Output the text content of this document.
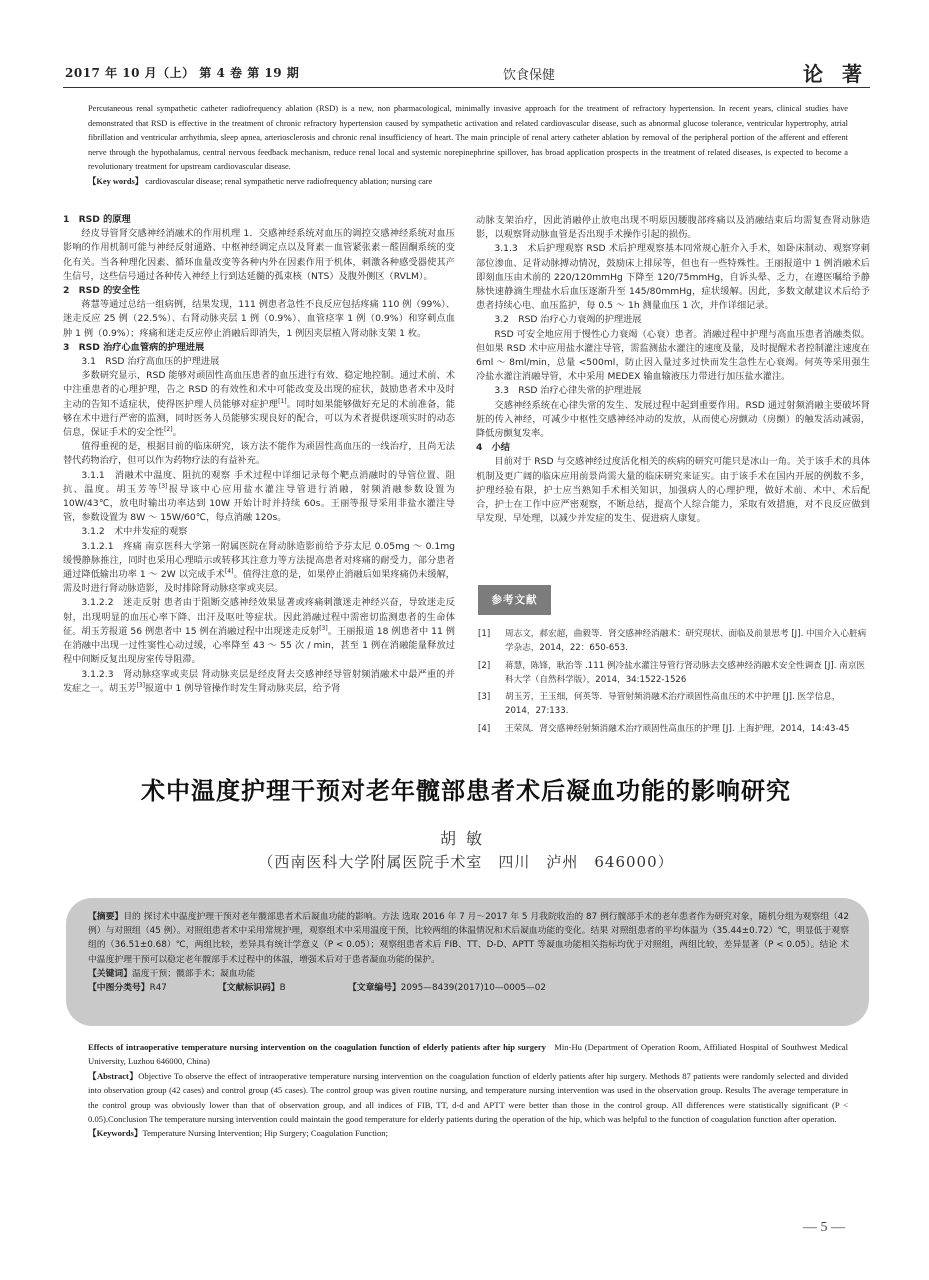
2017 年 10 月（上） 第 4 卷 第 19 期	饮食保健	论 著
Percutaneous renal sympathetic catheter radiofrequency ablation (RSD) is a new, non pharmacological, minimally invasive approach for the treatment of refractory hypertension. In recent years, clinical studies have demonstrated that RSD is effective in the treatment of chronic refractory hypertension caused by sympathetic activation and related cardiovascular disease, such as abnormal glucose tolerance, ventricular hypertrophy, atrial fibrillation and ventricular arrhythmia, sleep apnea, arteriosclerosis and chronic renal insufficiency of heart. The main principle of renal artery catheter ablation by removal of the peripheral portion of the afferent and efferent nerve through the hypothalamus, central nervous feedback mechanism, reduce renal local and systemic norepinephrine spillover, has broad application prospects in the treatment of related diseases, is expected to become a revolutionary treatment for upstream cardiovascular disease.
【Key words】 cardiovascular disease; renal sympathetic nerve radiofrequency ablation; nursing care
1　RSD 的原理

经皮导管肾交感神经消融术的作用机理 1．交感神经系统对血压的调控交感神经系统对血压影响的作用机制可能与神经反射通路、中枢神经调定点以及肾素－血管紧张素－醛固酮系统的变化有关。当各种理化因素、循环血量改变等各种内外在因素作用于机体，刺激各种感受器使其产生信号，这些信号通过各种传入神经上行到达延髓的孤束核（NTS）及腹外侧区（RVLM）。

2　RSD 的安全性

蒋慧等通过总结一组病例，结果发现，111 例患者急性不良反应包括疼痛 110 例（99%）、迷走反应 25 例（22.5%）、右肾动脉夹层 1 例（0.9%）、血管痉挛 1 例（0.9%）和穿刺点血肿 1 例（0.9%）；疼痛和迷走反应停止消融后即消失，1 例因夹层植入肾动脉支架 1 枚。

3　RSD 治疗心血管病的护理进展
3.1　RSD 治疗高血压的护理进展

多数研究显示，RSD 能够对顽固性高血压患者的血压进行有效、稳定地控制。通过术前、术中注重患者的心理护理，告之 RSD 的有效性和术中可能改变及出现的症状，鼓励患者术中及时主动的告知不适症状，使得医护理人员能够对症护理[1]。同时如果能够做好充足的术前准备，能够在术中进行严密的监测，同时医务人员能够实现良好的配合，可以为术者提供逐项实时的动态信息，保证手术的安全性[2]。

值得重视的是，根据目前的临床研究，该方法不能作为顽固性高血压的一线治疗，且尚无法替代药物治疗，但可以作为药物疗法的有益补充。

3.1.1　消融术中温度、阻抗的观察 手术过程中详细记录每个靶点消融时的导管位置、阻抗、温度。胡玉芳等[3]报导该中心应用盐水灌注导管进行消融，射频消融参数设置为 10W/43℃，放电时输出功率达到 10W 开始计时并持续 60s。王丽等报导采用非盐水灌注导管，参数设置为 8W ～ 15W/60℃，每点消融 120s。

3.1.2　术中并发症的观察

3.1.2.1　疼痛 南京医科大学第一附属医院在肾动脉造影前给予芬太尼 0.05mg ～ 0.1mg 缓慢静脉推注，同时也采用心理暗示或转移其注意力等方法提高患者对疼痛的耐受力，部分患者通过降低输出功率 1 ～ 2W 以完成手术[4]。值得注意的是，如果停止消融后如果疼痛仍未缓解，需及时进行肾动脉造影，及时排除肾动脉痉挛或夹层。

3.1.2.2　迷走反射 患者由于阻断交感神经效果显著或疼痛刺激迷走神经兴奋，导致迷走反射，出现明显的血压心率下降、出汗及呕吐等症状。因此消融过程中需密切监测患者的生命体征。胡玉芳报道 56 例患者中 15 例在消融过程中出现迷走反射[3]。王丽报道 18 例患者中 11 例在消融中出现一过性窦性心动过缓，心率降至 43 ～ 55 次 / min，甚至 1 例在消融能量释放过程中间断反复出现房室传导阻滞。

3.1.2.3　肾动脉痉挛或夹层 肾动脉夹层是经皮肾去交感神经导管射频消融术中最严重的并发症之一。胡玉芳[3]报道中 1 例导管操作时发生肾动脉夹层，给予肾

动脉支架治疗，因此消融停止放电出现不明原因腰腹部疼痛以及消融结束后均需复查肾动脉造影，以观察肾动脉血管是否出现手术操作引起的损伤。

3.1.3　术后护理观察 RSD 术后护理观察基本同常规心脏介入手术，如卧床制动、观察穿刺部位渗血、足背动脉搏动情况，鼓励床上排尿等，但也有一些特殊性。王丽报道中 1 例消融术后即刻血压由术前的 220/120mmHg 下降至 120/75mmHg，自诉头晕、乏力，在遵医嘱给予静脉快速静滴生理盐水后血压逐渐升至 145/80mmHg，症状缓解。因此，多数文献建议术后给予患者持续心电、血压监护，每 0.5 ～ 1h 测量血压 1 次，并作详细记录。

3.2　RSD 治疗心力衰竭的护理进展

RSD 可安全地应用于慢性心力衰竭（心衰）患者。消融过程中护理与高血压患者消融类似。但如果 RSD 术中应用盐水灌注导管，需监测盐水灌注的速度及量，及时提醒术者控制灌注速度在 6ml ～ 8ml/min，总量 <500ml，防止因入量过多过快而发生急性左心衰竭。何英等采用强生冷盐水灌注消融导管，术中采用 MEDEX 输血输液压力带进行加压盐水灌注。

3.3　RSD 治疗心律失常的护理进展

交感神经系统在心律失常的发生、发展过程中起到重要作用。RSD 通过射频消融主要破坏肾脏的传入神经，可减少中枢性交感神经冲动的发放，从而使心房颤动（房颤）的触发活动减弱，降低房颤复发率。

4　小结

目前对于 RSD 与交感神经过度活化相关的疾病的研究可能只是冰山一角。关于该手术的具体机制及更广阔的临床应用前景尚需大量的临床研究来证实。由于该手术在国内开展的例数不多，护理经验有限，护士应当熟知手术相关知识，加强病人的心理护理，做好术前、术中、术后配合，护士在工作中应严密观察，不断总结，提高个人综合能力，采取有效措施，对不良反应做到早发现、早处理，以减少并发症的发生、促进病人康复。

参考文献
[1] 周志文，郝宏超，曲毅等．肾交感神经消融术：研究现状、面临及前景思考 [J]. 中国介入心脏病学杂志，2014，22：650-653.
[2] 蒋慧，陈锋，耿治等 .111 例冷盐水灌注导管行肾动脉去交感神经消融术安全性调查 [J]. 南京医科大学（自然科学版），2014，34:1522-1526
[3] 胡玉芳，王玉细，何英等．导管射频消融术治疗顽固性高血压的术中护理 [J]. 医学信息，2014，27:133.
[4] 王荣凤．肾交感神经射频消融术治疗顽固性高血压的护理 [J]. 上海护理，2014，14:43-45
术中温度护理干预对老年髋部患者术后凝血功能的影响研究
胡敏
（西南医科大学附属医院手术室　四川　泸州　646000）
【摘要】目的 探讨术中温度护理干预对老年髋部患者术后凝血功能的影响。方法 选取 2016 年 7 月～2017 年 5 月我院收治的 87 例行髋部手术的老年患者作为研究对象，随机分组为观察组（42 例）与对照组（45 例）。对照组患者术中采用常规护理，观察组术中采用温度干预，比较两组的体温情况和术后凝血功能的变化。结果 对照组患者的平均体温为（35.44±0.72）℃，明显低于观察组的（36.51±0.68）℃，两组比较，差异具有统计学意义（P < 0.05）；观察组患者术后 FIB、TT、D-D、APTT 等凝血功能相关指标均优于对照组，两组比较，差异显著（P < 0.05）。结论 术中温度护理干预可以稳定老年髋部手术过程中的体温，增强术后对于患者凝血功能的保护。
【关键词】温度干预；髋部手术；凝血功能
【中图分类号】R47	【文献标识码】B	【文章编号】2095—8439(2017)10—0005—02
Effects of intraoperative temperature nursing intervention on the coagulation function of elderly patients after hip surgery Min-Hu (Department of Operation Room, Affiliated Hospital of Southwest Medical University, Luzhou 646000, China)
【Abstract】Objective To observe the effect of intraoperative temperature nursing intervention on the coagulation function of elderly patients after hip surgery. Methods 87 patients were randomly selected and divided into observation group (42 cases) and control group (45 cases). The control group was given routine nursing, and temperature nursing intervention was used in the observation group. Results The average temperature in the control group was obviously lower than that of observation group, and all indices of FIB, TT, d-d and APTT were better than those in the control group. All differences were statistically significant (P < 0.05).Conclusion The temperature nursing intervention could maintain the good temperature for elderly patients during the operation of the hip, which was helpful to the function of coagulation function after operation.
【Keywords】Temperature Nursing Intervention; Hip Surgery; Coagulation Function;
— 5 —
